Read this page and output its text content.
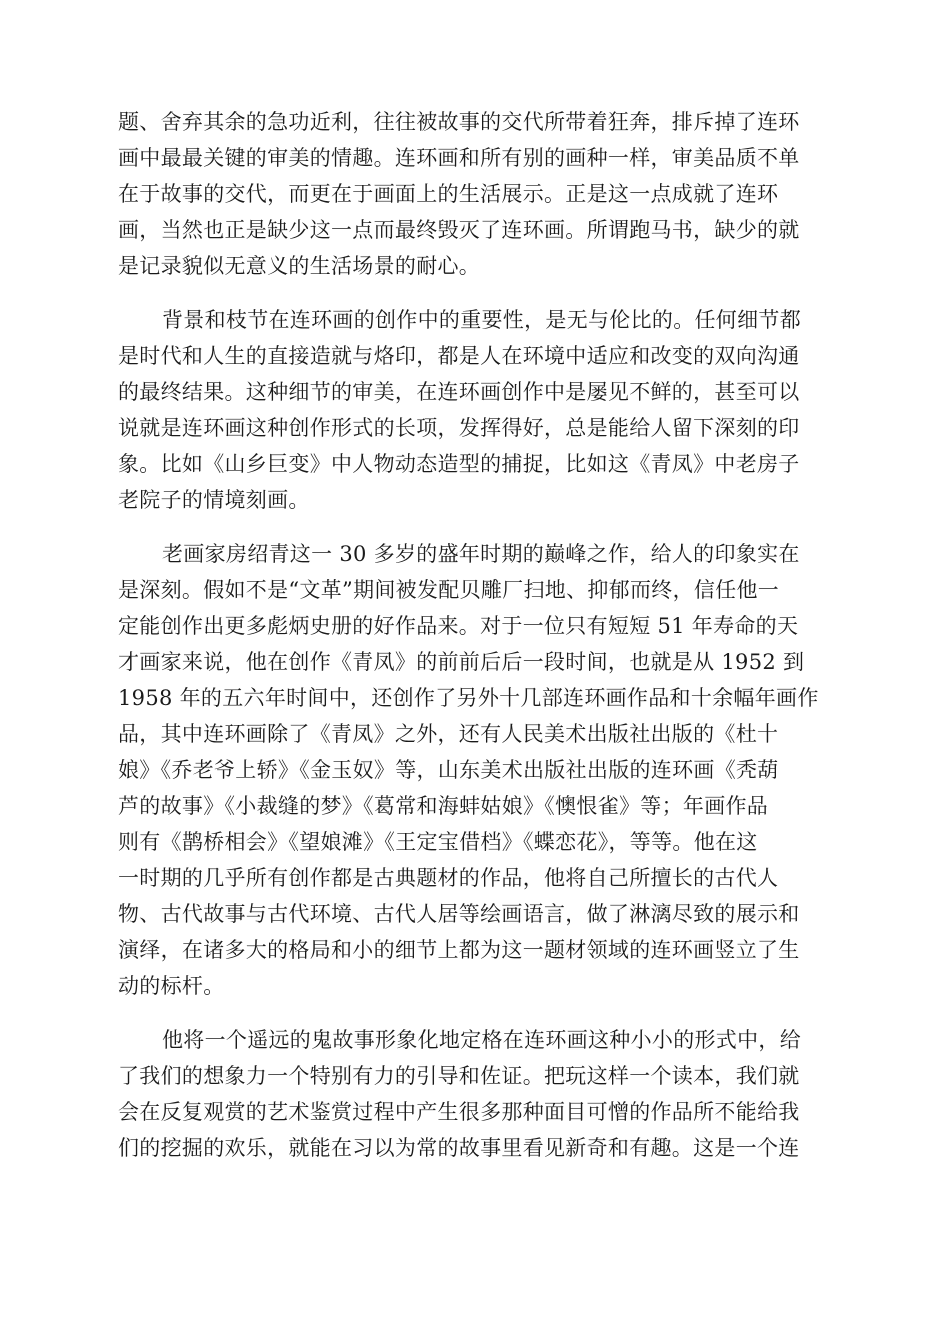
题、舍弃其余的急功近利，往往被故事的交代所带着狂奔，排斥掉了连环
画中最最关键的审美的情趣。连环画和所有别的画种一样，审美品质不单
在于故事的交代，而更在于画面上的生活展示。正是这一点成就了连环
画，当然也正是缺少这一点而最终毁灭了连环画。所谓跑马书，缺少的就
是记录貌似无意义的生活场景的耐心。
背景和枝节在连环画的创作中的重要性，是无与伦比的。任何细节都
是时代和人生的直接造就与烙印，都是人在环境中适应和改变的双向沟通
的最终结果。这种细节的审美，在连环画创作中是屡见不鲜的，甚至可以
说就是连环画这种创作形式的长项，发挥得好，总是能给人留下深刻的印
象。比如《山乡巨变》中人物动态造型的捕捉，比如这《青凤》中老房子
老院子的情境刻画。
老画家房绍青这一 30 多岁的盛年时期的巅峰之作，给人的印象实在
是深刻。假如不是“文革”期间被发配贝雕厂扫地、抑郁而终，信任他一
定能创作出更多彪炳史册的好作品来。对于一位只有短短 51 年寿命的天
才画家来说，他在创作《青凤》的前前后后一段时间，也就是从 1952 到
1958 年的五六年时间中，还创作了另外十几部连环画作品和十余幅年画作
品，其中连环画除了《青凤》之外，还有人民美术出版社出版的《杜十
娘》《乔老爷上轿》《金玉奴》等，山东美术出版社出版的连环画《秃葫
芦的故事》《小裁缝的梦》《葛常和海蚌姑娘》《懊恨雀》等；年画作品
则有《鹊桥相会》《望娘滩》《王定宝借档》《蝶恋花》，等等。他在这
一时期的几乎所有创作都是古典题材的作品，他将自己所擅长的古代人
物、古代故事与古代环境、古代人居等绘画语言，做了淋漓尽致的展示和
演绎，在诸多大的格局和小的细节上都为这一题材领域的连环画竖立了生
动的标杆。
他将一个遥远的鬼故事形象化地定格在连环画这种小小的形式中，给
了我们的想象力一个特别有力的引导和佐证。把玩这样一个读本，我们就
会在反复观赏的艺术鉴赏过程中产生很多那种面目可憎的作品所不能给我
们的挖掘的欢乐，就能在习以为常的故事里看见新奇和有趣。这是一个连
